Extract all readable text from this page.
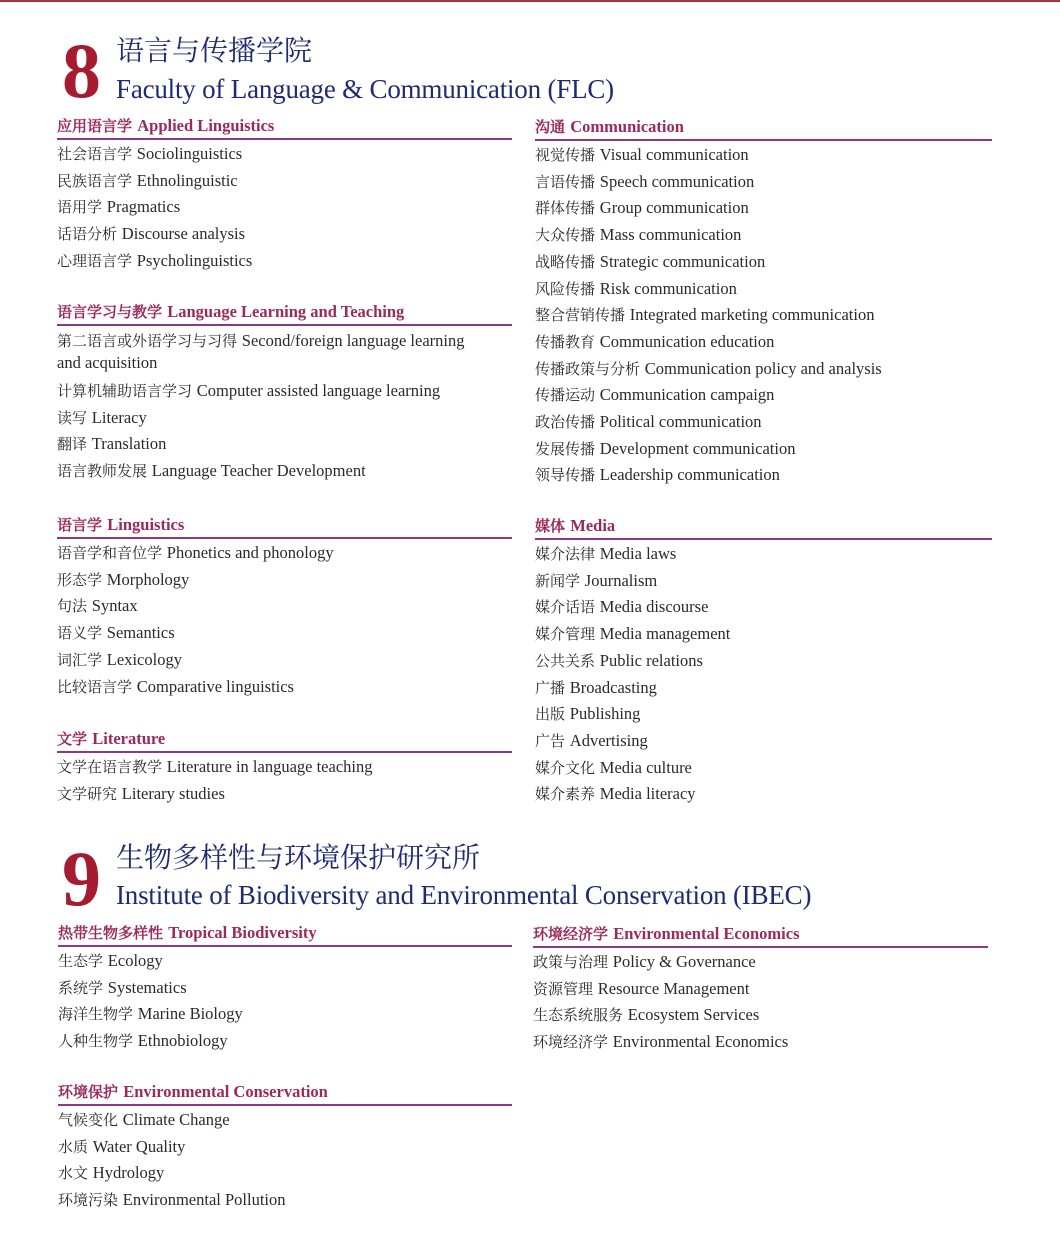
8 语言与传播学院
Faculty of Language & Communication (FLC)
应用语言学 Applied Linguistics
社会语言学 Sociolinguistics
民族语言学 Ethnolinguistic
语用学 Pragmatics
话语分析 Discourse analysis
心理语言学 Psycholinguistics
语言学习与教学 Language Learning and Teaching
第二语言或外语学习与习得 Second/foreign language learning and acquisition
计算机辅助语言学习 Computer assisted language learning
读写 Literacy
翻译 Translation
语言教师发展 Language Teacher Development
语言学 Linguistics
语音学和音位学 Phonetics and phonology
形态学 Morphology
句法 Syntax
语义学 Semantics
词汇学 Lexicology
比较语言学 Comparative linguistics
文学 Literature
文学在语言教学 Literature in language teaching
文学研究 Literary studies
沟通 Communication
视觉传播 Visual communication
言语传播 Speech communication
群体传播 Group communication
大众传播 Mass communication
战略传播 Strategic communication
风险传播 Risk communication
整合营销传播 Integrated marketing communication
传播教育 Communication education
传播政策与分析 Communication policy and analysis
传播运动 Communication campaign
政治传播 Political communication
发展传播 Development communication
领导传播 Leadership communication
媒体 Media
媒介法律 Media laws
新闻学 Journalism
媒介话语 Media discourse
媒介管理 Media management
公共关系 Public relations
广播 Broadcasting
出版 Publishing
广告 Advertising
媒介文化 Media culture
媒介素养 Media literacy
9 生物多样性与环境保护研究所
Institute of Biodiversity and Environmental Conservation (IBEC)
热带生物多样性 Tropical Biodiversity
生态学 Ecology
系统学 Systematics
海洋生物学 Marine Biology
人种生物学 Ethnobiology
环境保护 Environmental Conservation
气候变化 Climate Change
水质 Water Quality
水文 Hydrology
环境污染 Environmental Pollution
环境经济学 Environmental Economics
政策与治理 Policy & Governance
资源管理 Resource Management
生态系统服务 Ecosystem Services
环境经济学 Environmental Economics
